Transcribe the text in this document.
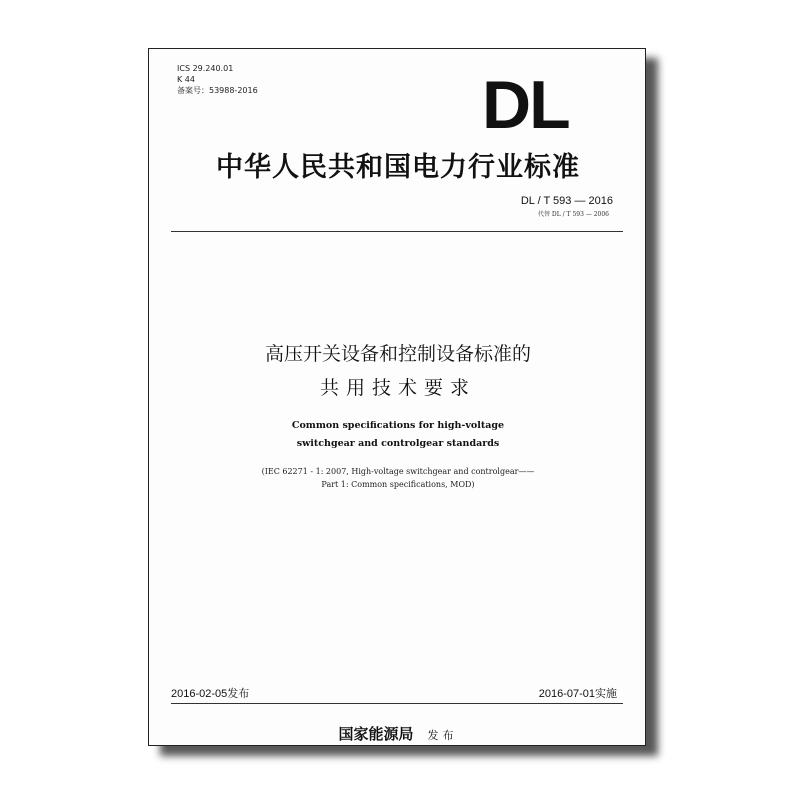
ICS 29.240.01
K 44
备案号：53988-2016	DL
中华人民共和国电力行业标准
DL / T 593 — 2016
代替 DL / T 593 — 2006
高压开关设备和控制设备标准的
共用技术要求
Common specifications for high-voltage
switchgear and controlgear standards
(IEC 62271 - 1: 2007, High-voltage switchgear and controlgear——
Part 1: Common specifications, MOD)
2016-02-05发布	2016-07-01实施
国家能源局 发布
